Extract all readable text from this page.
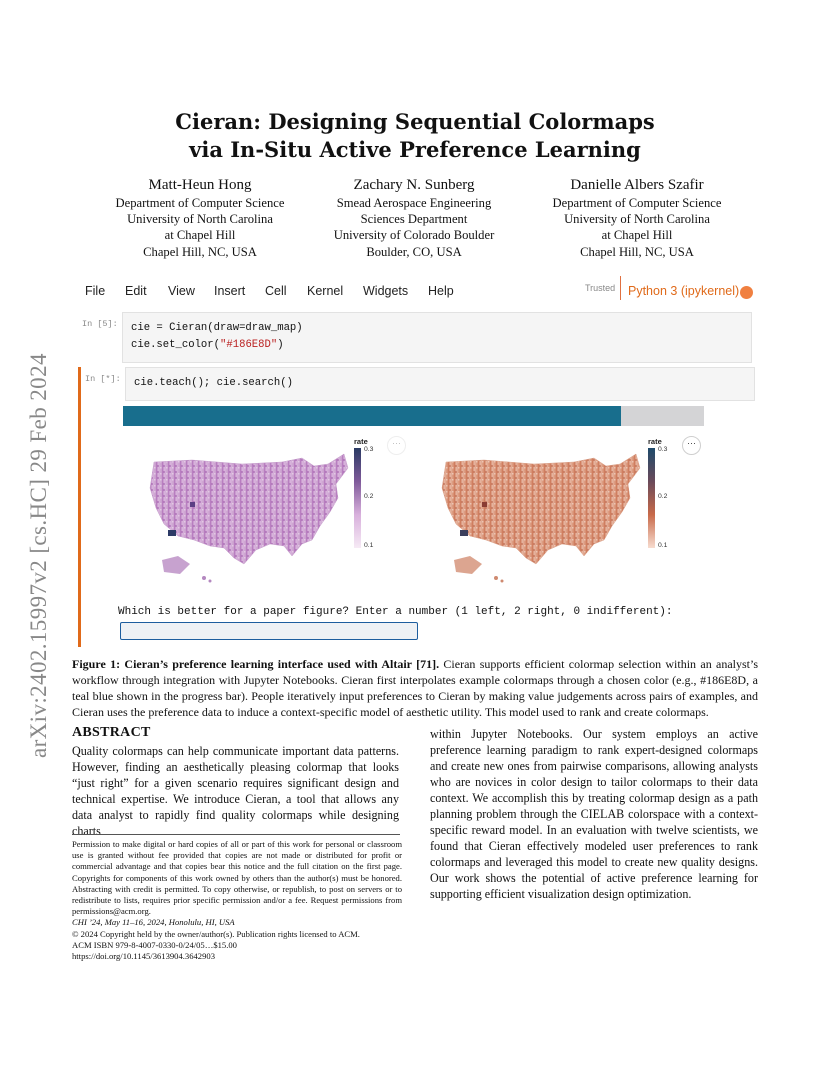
arXiv:2402.15997v2 [cs.HC] 29 Feb 2024
Cieran: Designing Sequential Colormaps
via In-Situ Active Preference Learning
Matt-Heun Hong
Department of Computer Science
University of North Carolina
at Chapel Hill
Chapel Hill, NC, USA
Zachary N. Sunberg
Smead Aerospace Engineering
Sciences Department
University of Colorado Boulder
Boulder, CO, USA
Danielle Albers Szafir
Department of Computer Science
University of North Carolina
at Chapel Hill
Chapel Hill, NC, USA
File Edit View Insert Cell Kernel Widgets Help	Trusted	Python 3 (ipykernel)
In [5]: cie = Cieran(draw=draw_map)
cie.set_color("#186E8D")
In [*]: cie.teach(); cie.search()
rate
0.3
0.2
0.1
···	rate
0.3
0.2
0.1
···
Which is better for a paper figure? Enter a number (1 left, 2 right, 0 indifferent):
Figure 1: Cieran’s preference learning interface used with Altair [71]. Cieran supports efficient colormap selection within an analyst’s workflow through integration with Jupyter Notebooks. Cieran first interpolates example colormaps through a chosen color (e.g., #186E8D, a teal blue shown in the progress bar). People iteratively input preferences to Cieran by making value judgements across pairs of examples, and Cieran uses the preference data to induce a context-specific model of aesthetic utility. This model used to rank and create colormaps.
ABSTRACT
Quality colormaps can help communicate important data patterns. However, finding an aesthetically pleasing colormap that looks “just right” for a given scenario requires significant design and technical expertise. We introduce Cieran, a tool that allows any data analyst to rapidly find quality colormaps while designing charts
within Jupyter Notebooks. Our system employs an active preference learning paradigm to rank expert-designed colormaps and create new ones from pairwise comparisons, allowing analysts who are novices in color design to tailor colormaps to their data context. We accomplish this by treating colormap design as a path planning problem through the CIELAB colorspace with a context-specific reward model. In an evaluation with twelve scientists, we found that Cieran effectively modeled user preferences to rank colormaps and leveraged this model to create new quality designs. Our work shows the potential of active preference learning for supporting efficient visualization design optimization.
Permission to make digital or hard copies of all or part of this work for personal or classroom use is granted without fee provided that copies are not made or distributed for profit or commercial advantage and that copies bear this notice and the full citation on the first page. Copyrights for components of this work owned by others than the author(s) must be honored. Abstracting with credit is permitted. To copy otherwise, or republish, to post on servers or to redistribute to lists, requires prior specific permission and/or a fee. Request permissions from permissions@acm.org.
CHI ’24, May 11–16, 2024, Honolulu, HI, USA
© 2024 Copyright held by the owner/author(s). Publication rights licensed to ACM.
ACM ISBN 979-8-4007-0330-0/24/05…$15.00
https://doi.org/10.1145/3613904.3642903
